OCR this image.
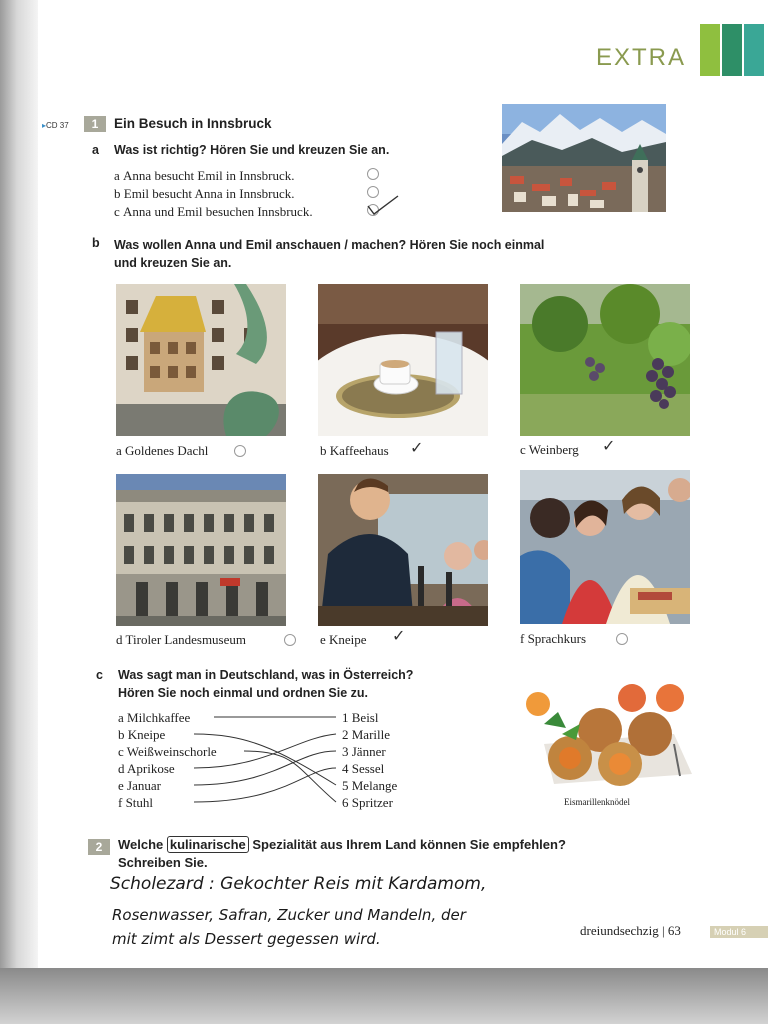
EXTRA
▸CD 37	1	Ein Besuch in Innsbruck
a Was ist richtig? Hören Sie und kreuzen Sie an.
a Anna besucht Emil in Innsbruck.
b Emil besucht Anna in Innsbruck.
c Anna und Emil besuchen Innsbruck.
b Was wollen Anna und Emil anschauen / machen? Hören Sie noch einmal
und kreuzen Sie an.
a Goldenes Dachl	b Kaffeehaus ✓	c Weinberg ✓
d Tiroler Landesmuseum	e Kneipe ✓	f Sprachkurs
c Was sagt man in Deutschland, was in Österreich?
Hören Sie noch einmal und ordnen Sie zu.
a Milchkaffee
b Kneipe
c Weißweinschorle
d Aprikose
e Januar
f Stuhl
1 Beisl
2 Marille
3 Jänner
4 Sessel
5 Melange
6 Spritzer	Eismarillenknödel
2	Welche kulinarische Spezialität aus Ihrem Land können Sie empfehlen?
Schreiben Sie.
Scholezard : Gekochter Reis mit Kardamom,
Rosenwasser, Safran, Zucker und Mandeln, der
mit zimt als Dessert gegessen wird.	dreiundsechzig | 63	Modul 6
